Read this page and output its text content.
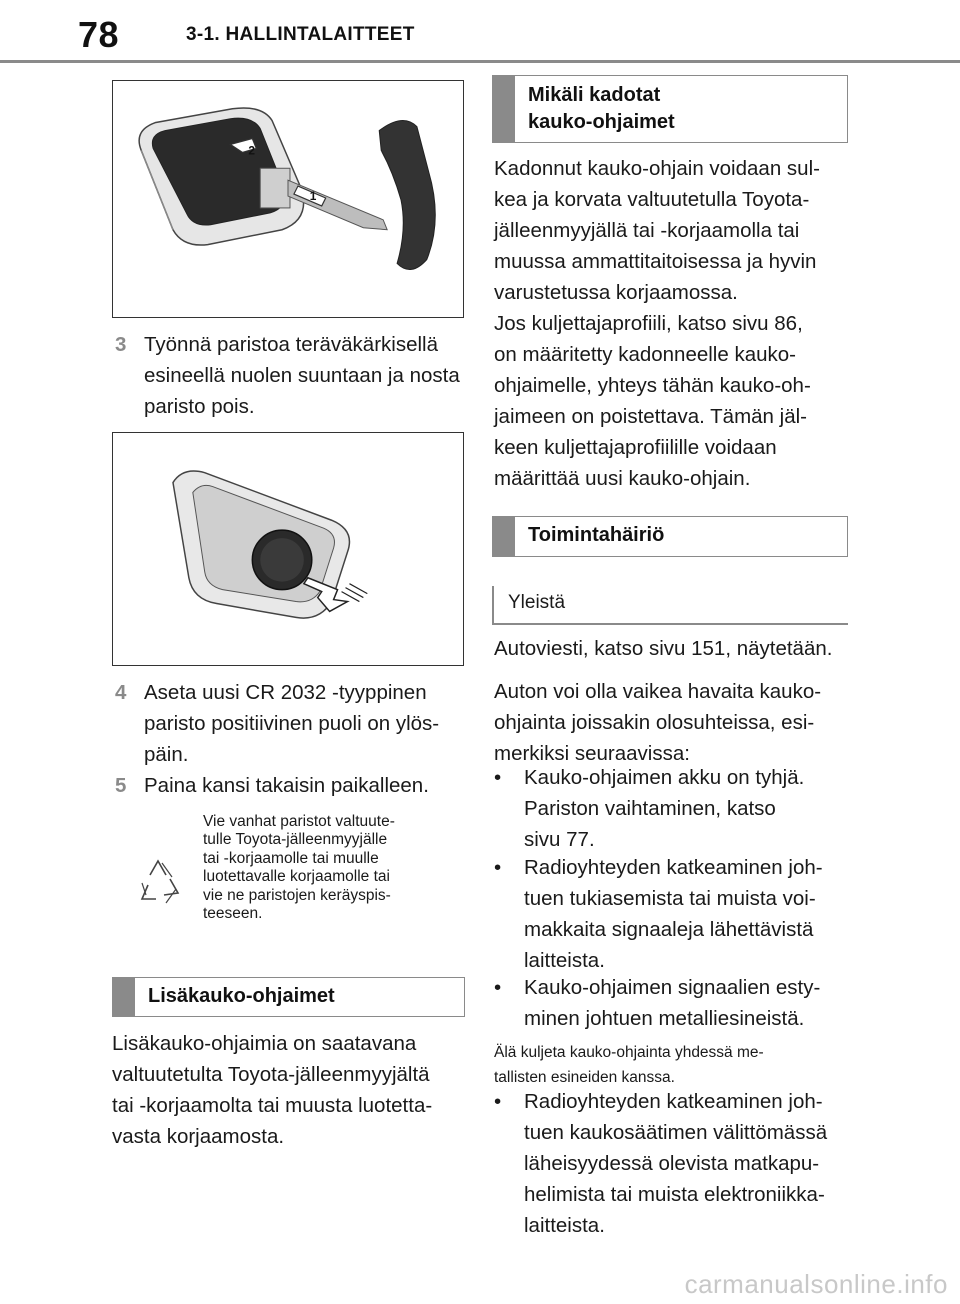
78	3-1. HALLINTALAITTEET
2
1
3 Työnnä paristoa teräväkärkisellä esineellä nuolen suuntaan ja nosta paristo pois.
4 Aseta uusi CR 2032 -tyyppinen paristo positiivinen puoli on ylös-päin.
5 Paina kansi takaisin paikalleen.
Vie vanhat paristot valtuute-
tulle Toyota-jälleenmyyjälle
tai -korjaamolle tai muulle
luotettavalle korjaamolle tai
vie ne paristojen keräyspis-
teeseen.
Lisäkauko-ohjaimet
Lisäkauko-ohjaimia on saatavana
valtuutetulta Toyota-jälleenmyyjältä
tai -korjaamolta tai muusta luotetta-
vasta korjaamosta.
Mikäli kadotat
kauko-ohjaimet
Kadonnut kauko-ohjain voidaan sul-
kea ja korvata valtuutetulla Toyota-
jälleenmyyjällä tai -korjaamolla tai
muussa ammattitaitoisessa ja hyvin
varustetussa korjaamossa.
Jos kuljettajaprofiili, katso sivu 86,
on määritetty kadonneelle kauko-
ohjaimelle, yhteys tähän kauko-oh-
jaimeen on poistettava. Tämän jäl-
keen kuljettajaprofiilille voidaan
määrittää uusi kauko-ohjain.
Toimintahäiriö
Yleistä
Autoviesti, katso sivu 151, näytetään.
Auton voi olla vaikea havaita kauko-
ohjainta joissakin olosuhteissa, esi-
merkiksi seuraavissa:
• Kauko-ohjaimen akku on tyhjä.
Pariston vaihtaminen, katso
sivu 77.
• Radioyhteyden katkeaminen joh-
tuen tukiasemista tai muista voi-
makkaita signaaleja lähettävistä
laitteista.
• Kauko-ohjaimen signaalien esty-
minen johtuen metalliesineistä.
Älä kuljeta kauko-ohjainta yhdessä me-
tallisten esineiden kanssa.
• Radioyhteyden katkeaminen joh-
tuen kaukosäätimen välittömässä
läheisyydessä olevista matkapu-
helimista tai muista elektroniikka-
laitteista.
carmanualsonline.info
